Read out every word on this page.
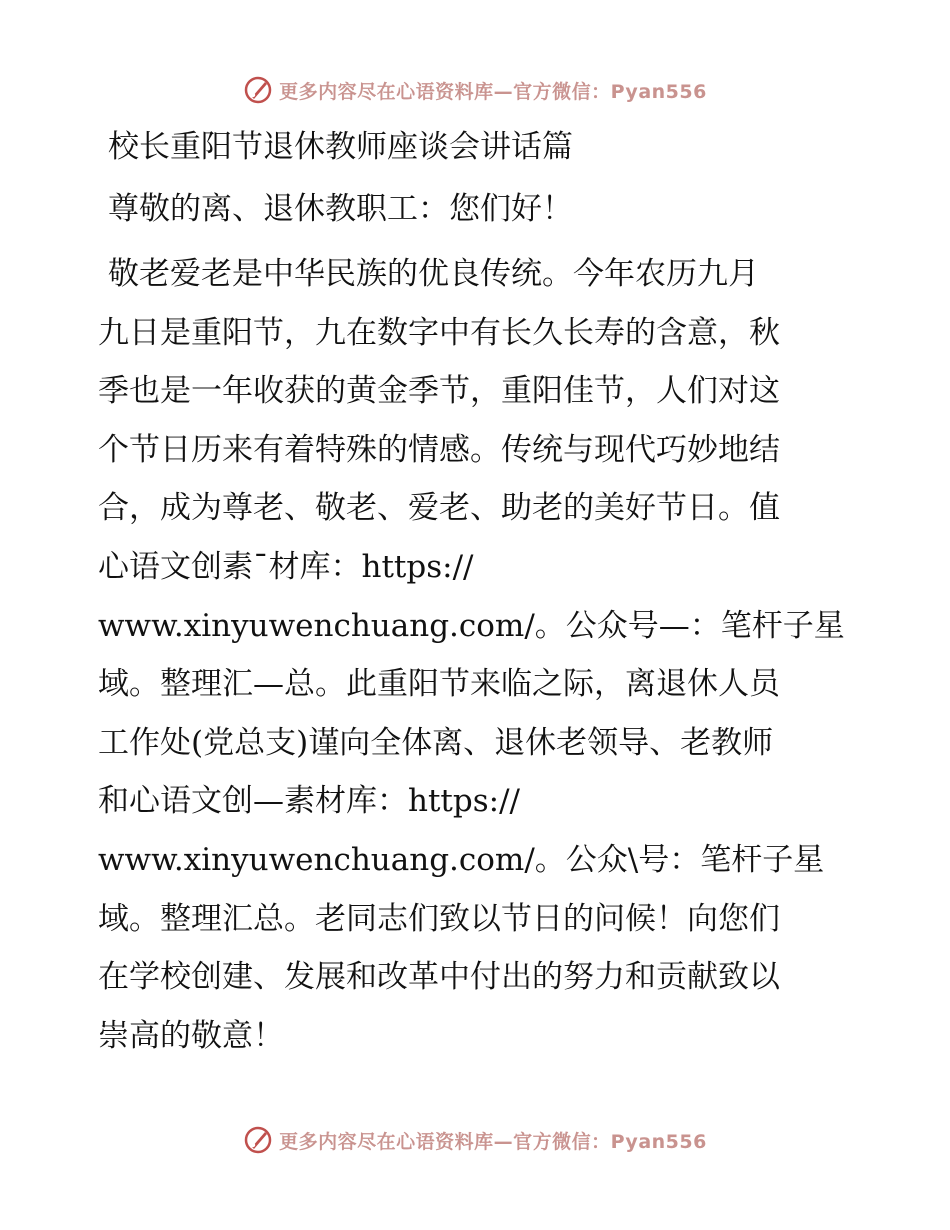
更多内容尽在心语资料库—官方微信：Pyan556
校长重阳节退休教师座谈会讲话篇

尊敬的离、退休教职工：您们好！

敬老爱老是中华民族的优良传统。今年农历九月
九日是重阳节，九在数字中有长久长寿的含意，秋
季也是一年收获的黄金季节，重阳佳节，人们对这
个节日历来有着特殊的情感。传统与现代巧妙地结
合，成为尊老、敬老、爱老、助老的美好节日。值
心语文创素¯材库：https://
www.xinyuwenchuang.com/。公众号—：笔杆子星
域。整理汇—总。此重阳节来临之际，离退休人员
工作处(党总支)谨向全体离、退休老领导、老教师
和心语文创—素材库：https://
www.xinyuwenchuang.com/。公众\号：笔杆子星
域。整理汇总。老同志们致以节日的问候！向您们
在学校创建、发展和改革中付出的努力和贡献致以
崇高的敬意！

更多内容尽在心语资料库—官方微信：Pyan556
